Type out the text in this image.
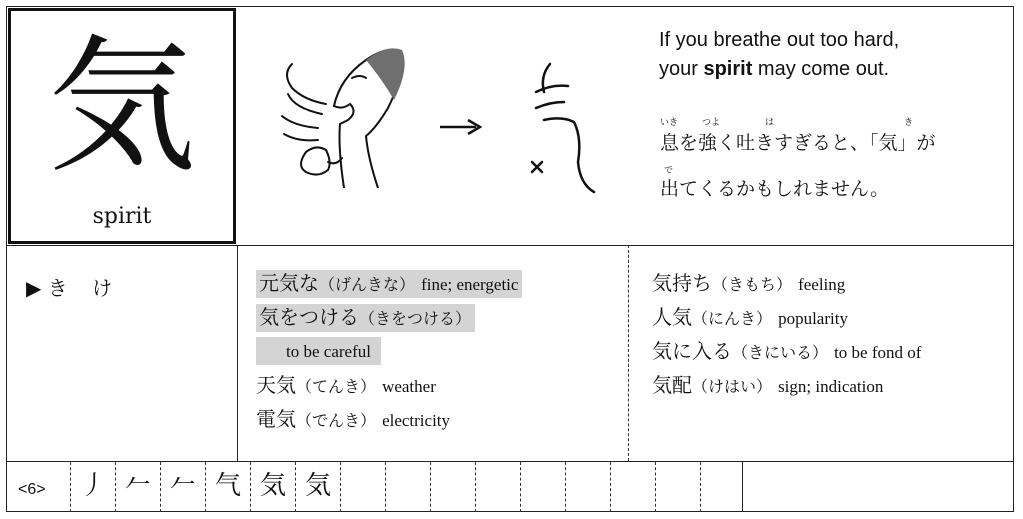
気
spirit
If you breathe out too hard,
your spirit may come out.
いき	つよ	は	き
息を強く吐きすぎると、「気」が
で
出てくるかもしれません。
▶ き け	元気な（げんきな） fine; energetic
気をつける（きをつける）
to be careful
天気（てんき） weather
電気（でんき） electricity
気持ち（きもち） feeling
人気（にんき） popularity
気に入る（きにいる） to be fond of
気配（けはい） sign; indication
<6>	丿 𠂉 𠂉 气 気 気
